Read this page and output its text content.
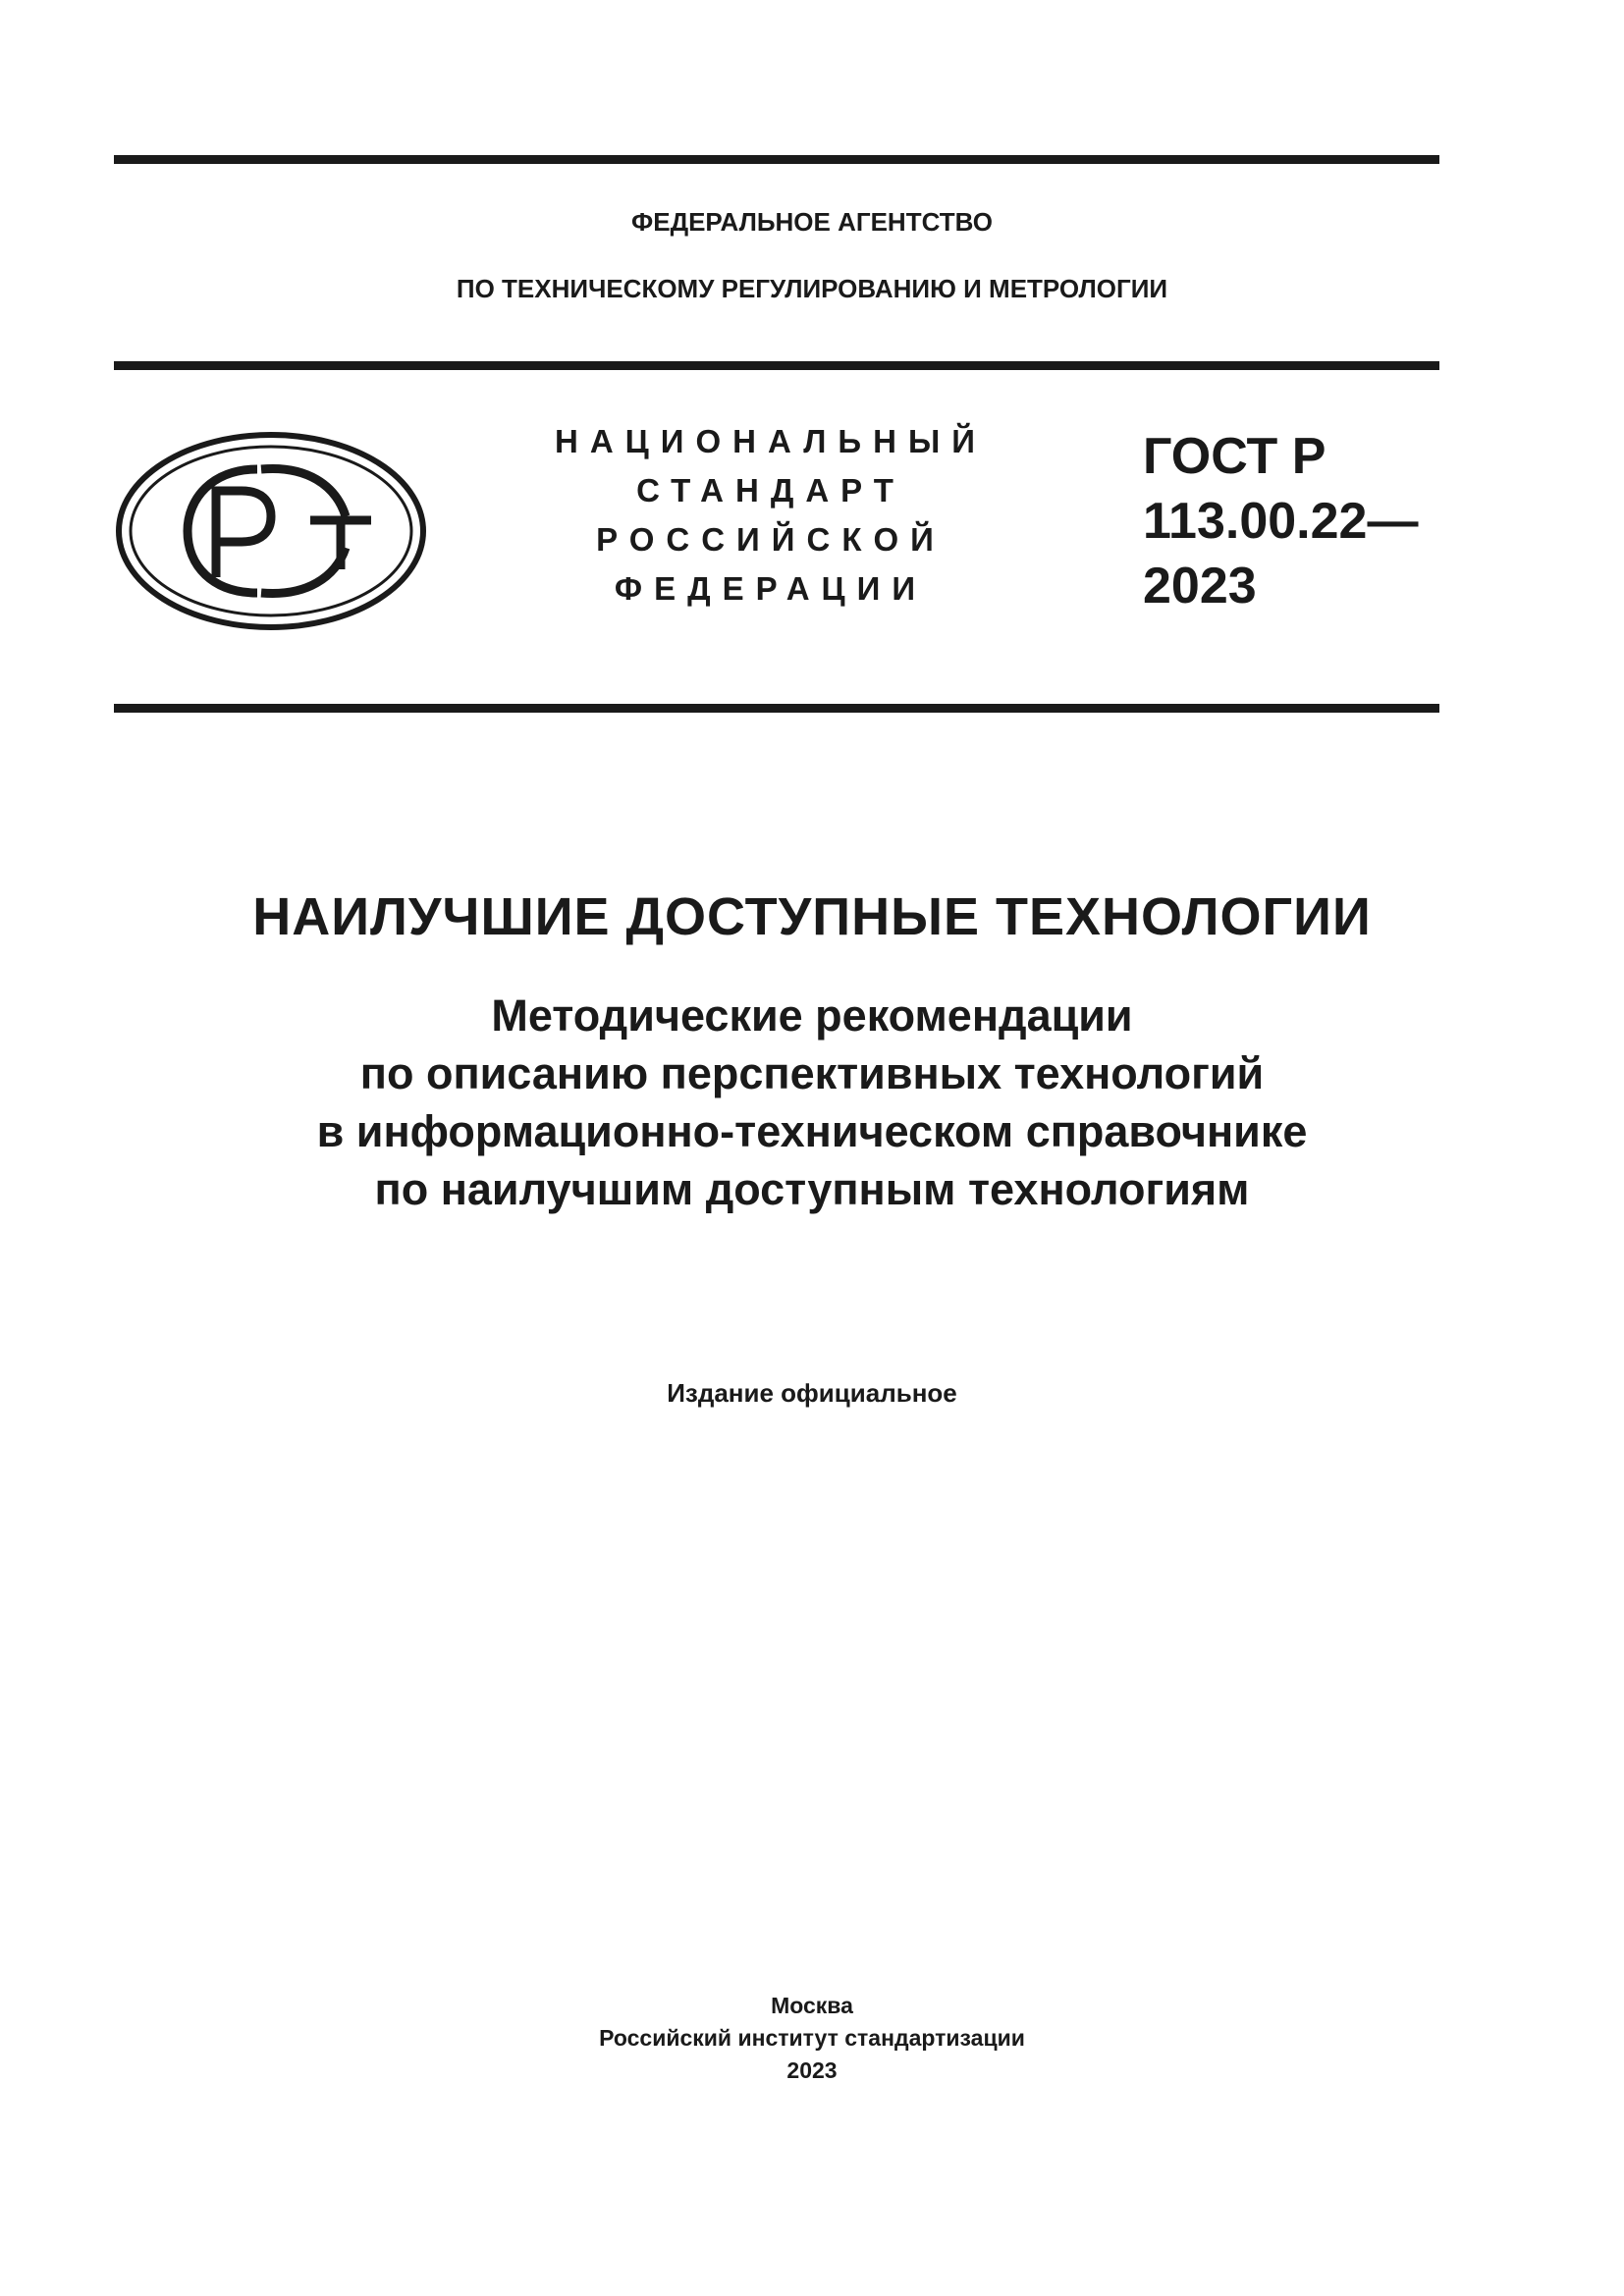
ФЕДЕРАЛЬНОЕ АГЕНТСТВО
ПО ТЕХНИЧЕСКОМУ РЕГУЛИРОВАНИЮ И МЕТРОЛОГИИ
НАЦИОНАЛЬНЫЙ
СТАНДАРТ
РОССИЙСКОЙ
ФЕДЕРАЦИИ
ГОСТ Р
113.00.22—
2023
НАИЛУЧШИЕ ДОСТУПНЫЕ ТЕХНОЛОГИИ
Методические рекомендации
по описанию перспективных технологий
в информационно-техническом справочнике
по наилучшим доступным технологиям
Издание официальное
Москва
Российский институт стандартизации
2023
